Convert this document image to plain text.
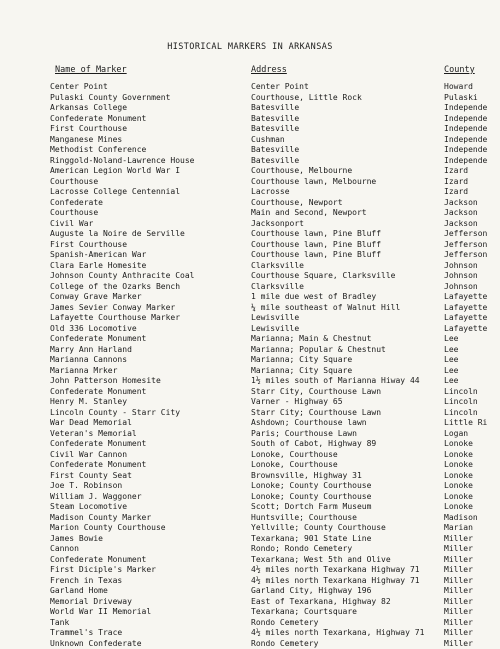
HISTORICAL MARKERS IN ARKANSAS
Name of Marker	Address	County
Center Point	Center Point	Howard
Pulaski County Government	Courthouse, Little Rock	Pulaski
Arkansas College	Batesville	Independe
Confederate Monument	Batesville	Independe
First Courthouse	Batesville	Independe
Manganese Mines	Cushman	Independe
Methodist Conference	Batesville	Independe
Ringgold-Noland-Lawrence House	Batesville	Independe
American Legion World War I	Courthouse, Melbourne	Izard
Courthouse	Courthouse lawn, Melbourne	Izard
Lacrosse College Centennial	Lacrosse	Izard
Confederate	Courthouse, Newport	Jackson
Courthouse	Main and Second, Newport	Jackson
Civil War	Jacksonport	Jackson
Auguste la Noire de Serville	Courthouse lawn, Pine Bluff	Jefferson
First Courthouse	Courthouse lawn, Pine Bluff	Jefferson
Spanish-American War	Courthouse lawn, Pine Bluff	Jefferson
Clara Earle Homesite	Clarksville	Johnson
Johnson County Anthracite Coal	Courthouse Square, Clarksville	Johnson
College of the Ozarks Bench	Clarksville	Johnson
Conway Grave Marker	1 mile due west of Bradley	Lafayette
James Sevier Conway Marker	¼ mile southeast of Walnut Hill	Lafayette
Lafayette Courthouse Marker	Lewisville	Lafayette
Old 336 Locomotive	Lewisville	Lafayette
Confederate Monument	Marianna; Main & Chestnut	Lee
Marry Ann Harland	Marianna; Popular & Chestnut	Lee
Marianna Cannons	Marianna; City Square	Lee
Marianna Mrker	Marianna; City Square	Lee
John Patterson Homesite	1½ miles south of Marianna Hiway 44	Lee
Confederate Monument	Starr City, Courthouse Lawn	Lincoln
Henry M. Stanley	Varner - Highway 65	Lincoln
Lincoln County - Starr City	Starr City; Courthouse Lawn	Lincoln
War Dead Memorial	Ashdown; Courthouse lawn	Little Ri
Veteran's Memorial	Paris; Courthouse Lawn	Logan
Confederate Monument	South of Cabot, Highway 89	Lonoke
Civil War Cannon	Lonoke, Courthouse	Lonoke
Confederate Monument	Lonoke, Courthouse	Lonoke
First County Seat	Brownsville, Highway 31	Lonoke
Joe T. Robinson	Lonoke; County Courthouse	Lonoke
William J. Waggoner	Lonoke; County Courthouse	Lonoke
Steam Locomotive	Scott; Dortch Farm Museum	Lonoke
Madison County Marker	Huntsville; Courthouse	Madison
Marion County Courthouse	Yellville; County Courthouse	Marian
James Bowie	Texarkana; 901 State Line	Miller
Cannon	Rondo; Rondo Cemetery	Miller
Confederate Monument	Texarkana; West 5th and Olive	Miller
First Diciple's Marker	4½ miles north Texarkana Highway 71	Miller
French in Texas	4½ miles north Texarkana Highway 71	Miller
Garland Home	Garland City, Highway 196	Miller
Memorial Driveway	East of Texarkana, Highway 82	Miller
World War II Memorial	Texarkana; Courtsquare	Miller
Tank	Rondo Cemetery	Miller
Trammel's Trace	4½ miles north Texarkana, Highway 71	Miller
Unknown Confederate	Rondo Cemetery	Miller
